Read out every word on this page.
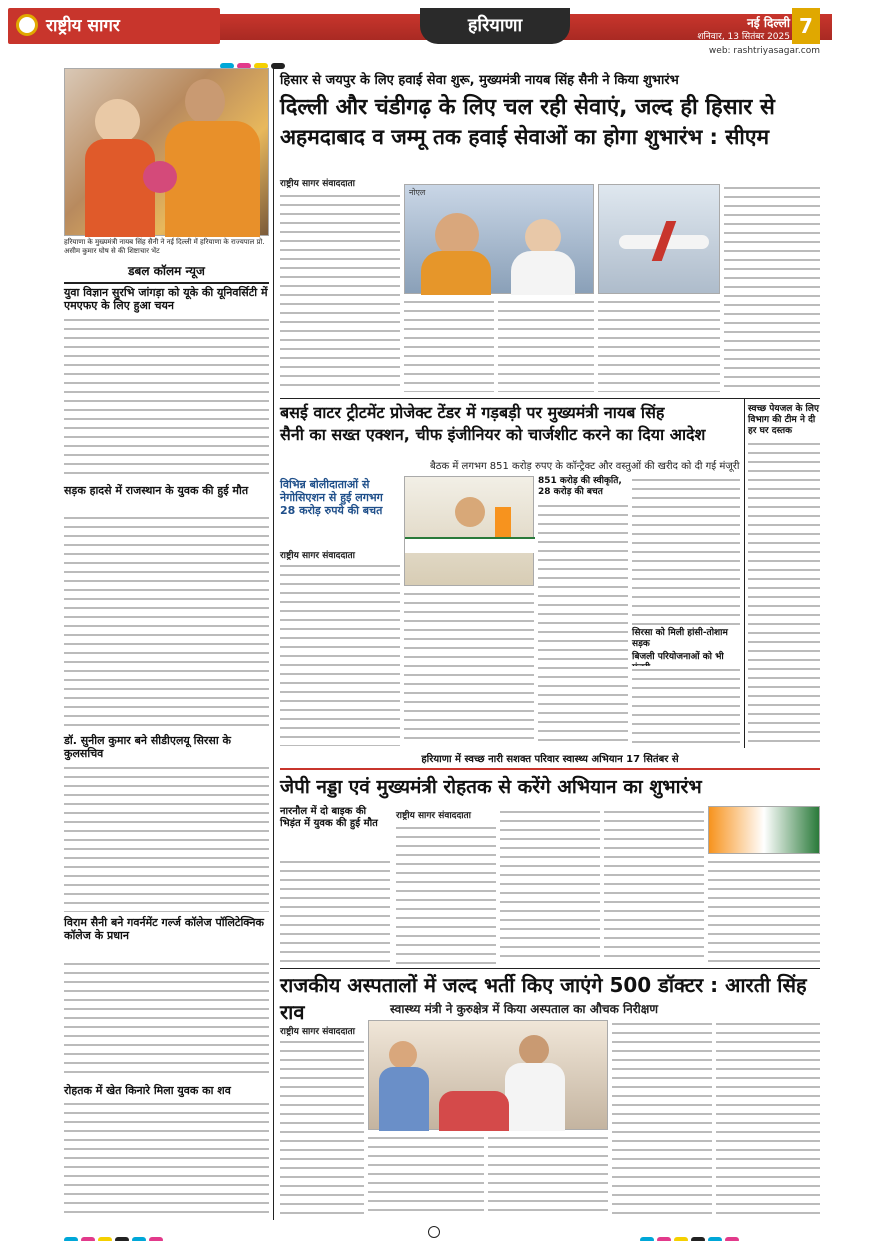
राष्ट्रीय सागर	हरियाणा	नई दिल्ली
शनिवार, 13 सितंबर 2025 7
web: rashtriyasagar.com
हरियाणा के मुख्यमंत्री नायब सिंह सैनी ने नई दिल्ली में हरियाणा के राज्यपाल प्रो. असीम कुमार घोष से की शिष्टाचार भेंट
डबल कॉलम न्यूज
युवा विज्ञान सुरभि जांगड़ा को यूके की यूनिवर्सिटी में एमएफए के लिए हुआ चयन
सड़क हादसे में राजस्थान के युवक की हुई मौत
डॉ. सुनील कुमार बने सीडीएलयू सिरसा के कुलसचिव
विराम सैनी बने गवर्नमेंट गर्ल्ज कॉलेज पॉलिटेक्निक कॉलेज के प्रधान
रोहतक में खेत किनारे मिला युवक का शव
हिसार से जयपुर के लिए हवाई सेवा शुरू, मुख्यमंत्री नायब सिंह सैनी ने किया शुभारंभ
दिल्ली और चंडीगढ़ के लिए चल रही सेवाएं, जल्द ही हिसार से
अहमदाबाद व जम्मू तक हवाई सेवाओं का होगा शुभारंभ : सीएम
राष्ट्रीय सागर संवाददाता
नोएल
बसई वाटर ट्रीटमेंट प्रोजेक्ट टेंडर में गड़बड़ी पर मुख्यमंत्री नायब सिंह
सैनी का सख्त एक्शन, चीफ इंजीनियर को चार्जशीट करने का दिया आदेश
बैठक में लगभग 851 करोड़ रुपए के कॉन्ट्रैक्ट और वस्तुओं की खरीद को दी गई मंजूरी
विभिन्न बोलीदाताओं से नेगोसिएशन से हुई लगभग 28 करोड़ रुपये की बचत
राष्ट्रीय सागर संवाददाता
851 करोड़ की स्वीकृति, 28 करोड़ की बचत
सिरसा को मिली हांसी-तोशाम सड़क
बिजली परियोजनाओं को भी
स्वच्छ पेयजल के लिए विभाग की टीम ने दी हर घर दस्तक
हरियाणा में स्वच्छ नारी सशक्त परिवार स्वास्थ्य अभियान 17 सितंबर से
जेपी नड्डा एवं मुख्यमंत्री रोहतक से करेंगे अभियान का शुभारंभ
नारनौल में दो बाइक की भिड़ंत में युवक की हुई मौत
राष्ट्रीय सागर संवाददाता
राजकीय अस्पतालों में जल्द भर्ती किए जाएंगे 500 डॉक्टर : आरती सिंह राव	स्वास्थ्य मंत्री ने कुरुक्षेत्र में किया अस्पताल का औचक निरीक्षण
राष्ट्रीय सागर संवाददाता
